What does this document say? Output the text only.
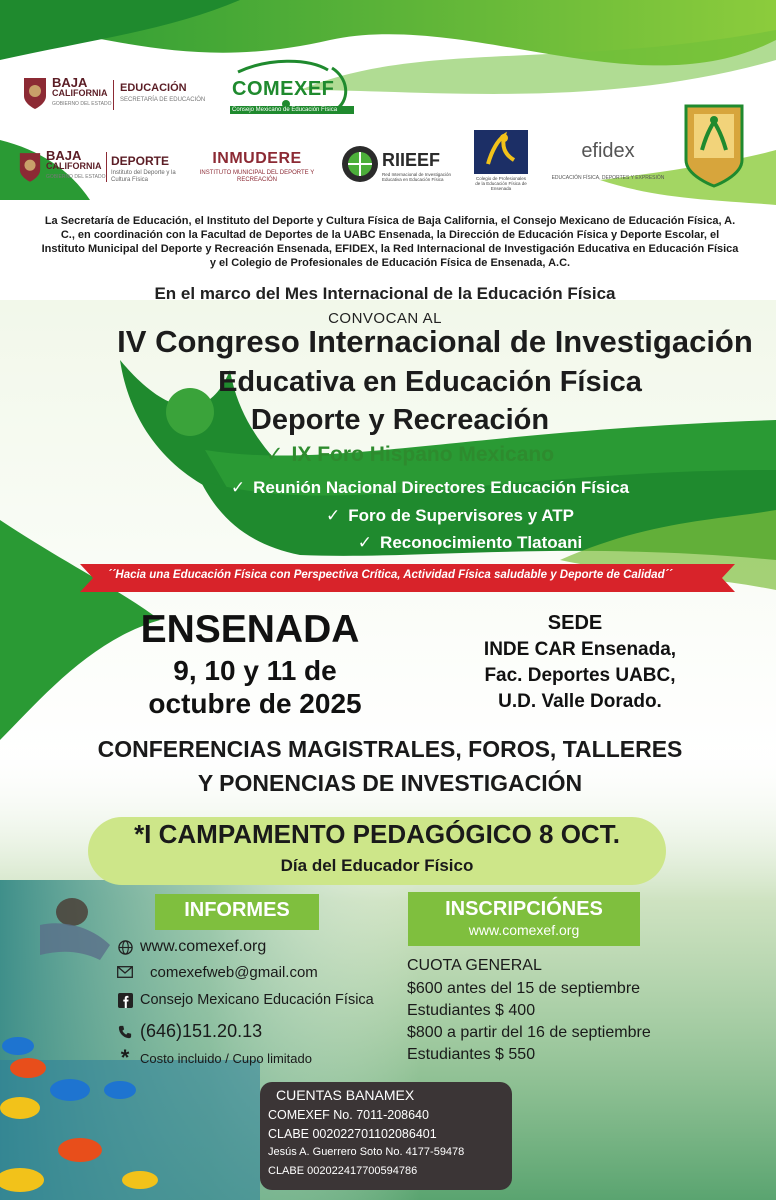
BAJA
CALIFORNIA
GOBIERNO DEL ESTADO
EDUCACIÓN
SECRETARÍA DE EDUCACIÓN COMEXEF
Consejo Mexicano de Educación Física
BAJA
CALIFORNIA
GOBIERNO DEL ESTADO
DEPORTE
Instituto del Deporte y la Cultura Física
INMUDERE
INSTITUTO MUNICIPAL DEL DEPORTE Y RECREACIÓN
RIIEEF
Red Internacional de Investigación Educativa en Educación Física	Colegio de Profesionales de la Educación Física de Ensenada
efidex
EDUCACIÓN FÍSICA, DEPORTES Y EXPRESIÓN
La Secretaría de Educación, el Instituto del Deporte y Cultura Física de Baja California, el Consejo Mexicano de Educación Física, A. C., en coordinación con la Facultad de Deportes de la UABC Ensenada, la Dirección de Educación Física y Deporte Escolar, el Instituto Municipal del Deporte y Recreación Ensenada, EFIDEX, la Red Internacional de Investigación Educativa en Educación Física y el Colegio de Profesionales de Educación Física de Ensenada, A.C.
En el marco del Mes Internacional de la Educación Física
CONVOCAN AL
IV Congreso Internacional de Investigación
Educativa en Educación Física
Deporte y Recreación
✓ IX Foro Hispano Mexicano
✓ Reunión Nacional Directores Educación Física
✓ Foro de Supervisores y ATP
✓ Reconocimiento Tlatoani
´´Hacia una Educación Física con Perspectiva Crítica, Actividad Física saludable y Deporte de Calidad´´
ENSENADA
9, 10 y 11 de
octubre de 2025
SEDE
INDE CAR Ensenada,
Fac. Deportes UABC,
U.D. Valle Dorado.
CONFERENCIAS MAGISTRALES, FOROS, TALLERES
Y PONENCIAS DE INVESTIGACIÓN
*I CAMPAMENTO PEDAGÓGICO 8 OCT.
Día del Educador Físico
INFORMES
www.comexef.org
comexefweb@gmail.com
Consejo Mexicano Educación Física
(646)151.20.13
* Costo incluido / Cupo limitado
INSCRIPCIÓNES
www.comexef.org
CUOTA GENERAL
$600 antes del 15 de septiembre
Estudiantes $ 400
$800 a partir del 16 de septiembre
Estudiantes $ 550
CUENTAS BANAMEX
COMEXEF No. 7011-208640
CLABE 002022701102086401
Jesús A. Guerrero Soto No. 4177-59478
CLABE 002022417700594786
